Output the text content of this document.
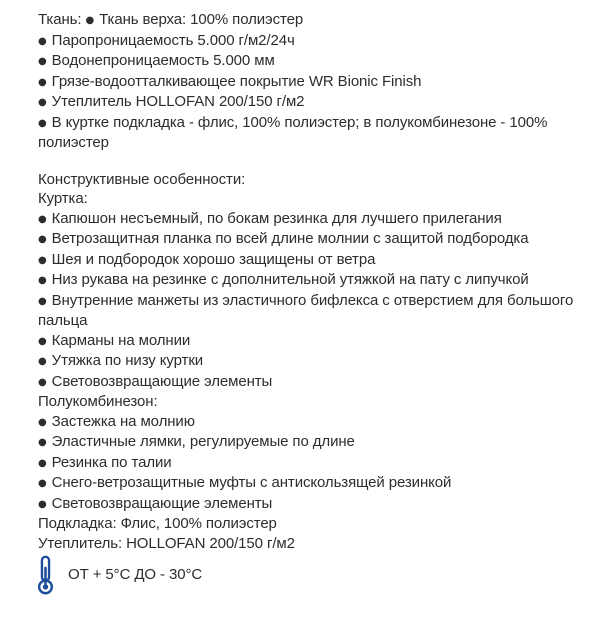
Ткань: ● Ткань верха: 100% полиэстер
● Паропроницаемость 5.000 г/м2/24ч
● Водонепроницаемость 5.000 мм
● Грязе-водоотталкивающее покрытие WR Bionic Finish
● Утеплитель HOLLOFAN 200/150 г/м2
● В куртке подкладка - флис, 100% полиэстер; в полукомбинезоне - 100%
полиэстер
Конструктивные особенности:
Куртка:
● Капюшон несъемный, по бокам резинка для лучшего прилегания
● Ветрозащитная планка по всей длине молнии с защитой подбородка
● Шея и подбородок хорошо защищены от ветра
● Низ рукава на резинке с дополнительной утяжкой на пату с липучкой
● Внутренние манжеты из эластичного бифлекса с отверстием для большого
пальца
● Карманы на молнии
● Утяжка по низу куртки
● Световозвращающие элементы
Полукомбинезон:
● Застежка на молнию
● Эластичные лямки, регулируемые по длине
● Резинка по талии
● Снего-ветрозащитные муфты с антискользящей резинкой
● Световозвращающие элементы
Подкладка: Флис, 100% полиэстер
Утеплитель: HOLLOFAN 200/150 г/м2
ОТ + 5°С ДО - 30°С
